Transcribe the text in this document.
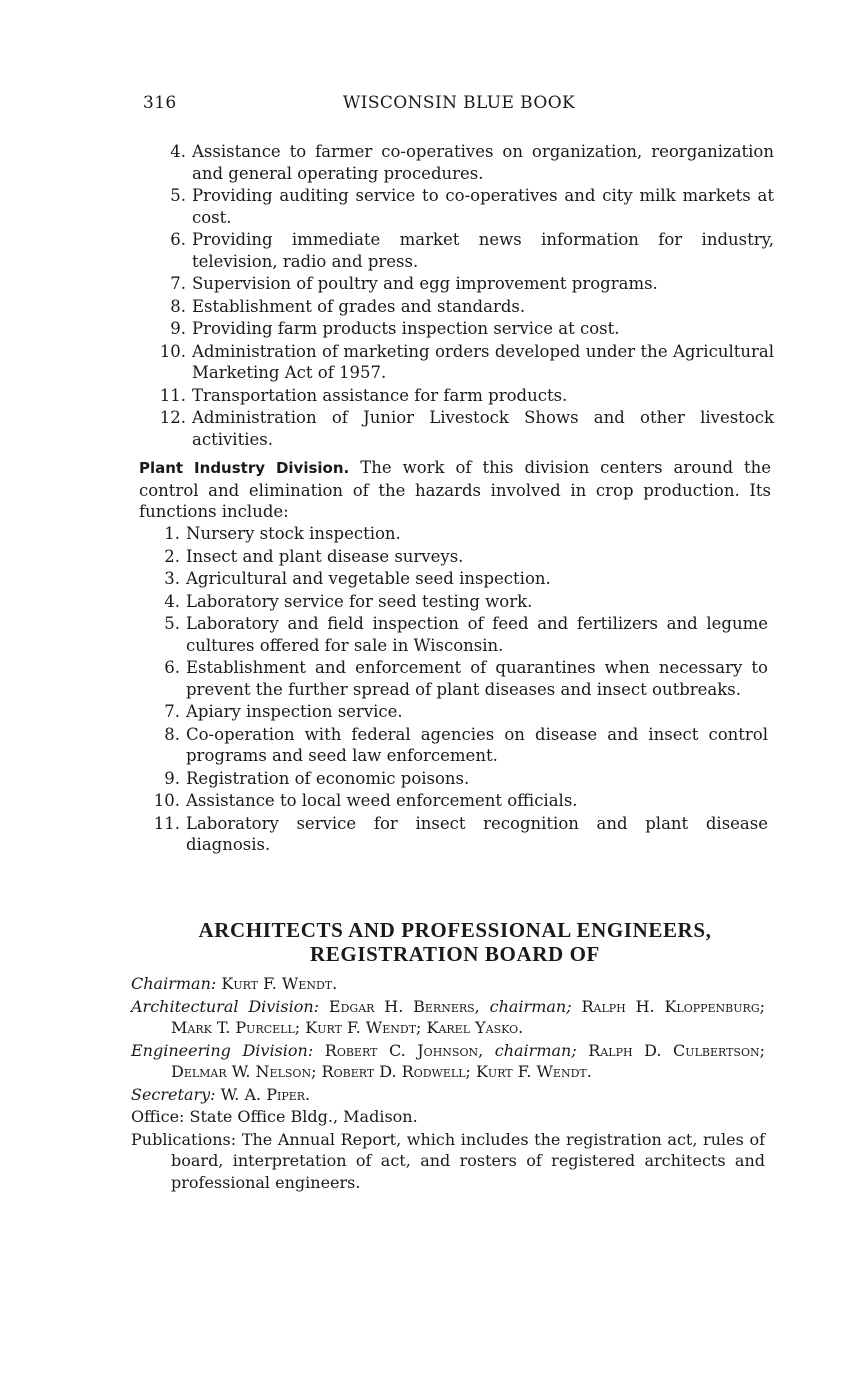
316	WISCONSIN BLUE BOOK
4. Assistance to farmer co-operatives on organization, reorganization and general operating procedures.
5. Providing auditing service to co-operatives and city milk markets at cost.
6. Providing immediate market news information for industry, television, radio and press.
7. Supervision of poultry and egg improvement programs.
8. Establishment of grades and standards.
9. Providing farm products inspection service at cost.
10. Administration of marketing orders developed under the Agricultural Marketing Act of 1957.
11. Transportation assistance for farm products.
12. Administration of Junior Livestock Shows and other livestock activities.

Plant Industry Division. The work of this division centers around the control and elimination of the hazards involved in crop production. Its functions include:

1. Nursery stock inspection.
2. Insect and plant disease surveys.
3. Agricultural and vegetable seed inspection.
4. Laboratory service for seed testing work.
5. Laboratory and field inspection of feed and fertilizers and legume cultures offered for sale in Wisconsin.
6. Establishment and enforcement of quarantines when necessary to prevent the further spread of plant diseases and insect outbreaks.
7. Apiary inspection service.
8. Co-operation with federal agencies on disease and insect control programs and seed law enforcement.
9. Registration of economic poisons.
10. Assistance to local weed enforcement officials.
11. Laboratory service for insect recognition and plant disease diagnosis.
ARCHITECTS AND PROFESSIONAL ENGINEERS,
REGISTRATION BOARD OF
Chairman: Kurt F. Wendt.
Architectural Division: Edgar H. Berners, chairman; Ralph H. Kloppenburg; Mark T. Purcell; Kurt F. Wendt; Karel Yasko.
Engineering Division: Robert C. Johnson, chairman; Ralph D. Culbertson; Delmar W. Nelson; Robert D. Rodwell; Kurt F. Wendt.
Secretary: W. A. Piper.
Office: State Office Bldg., Madison.
Publications: The Annual Report, which includes the registration act, rules of board, interpretation of act, and rosters of registered architects and professional engineers.
